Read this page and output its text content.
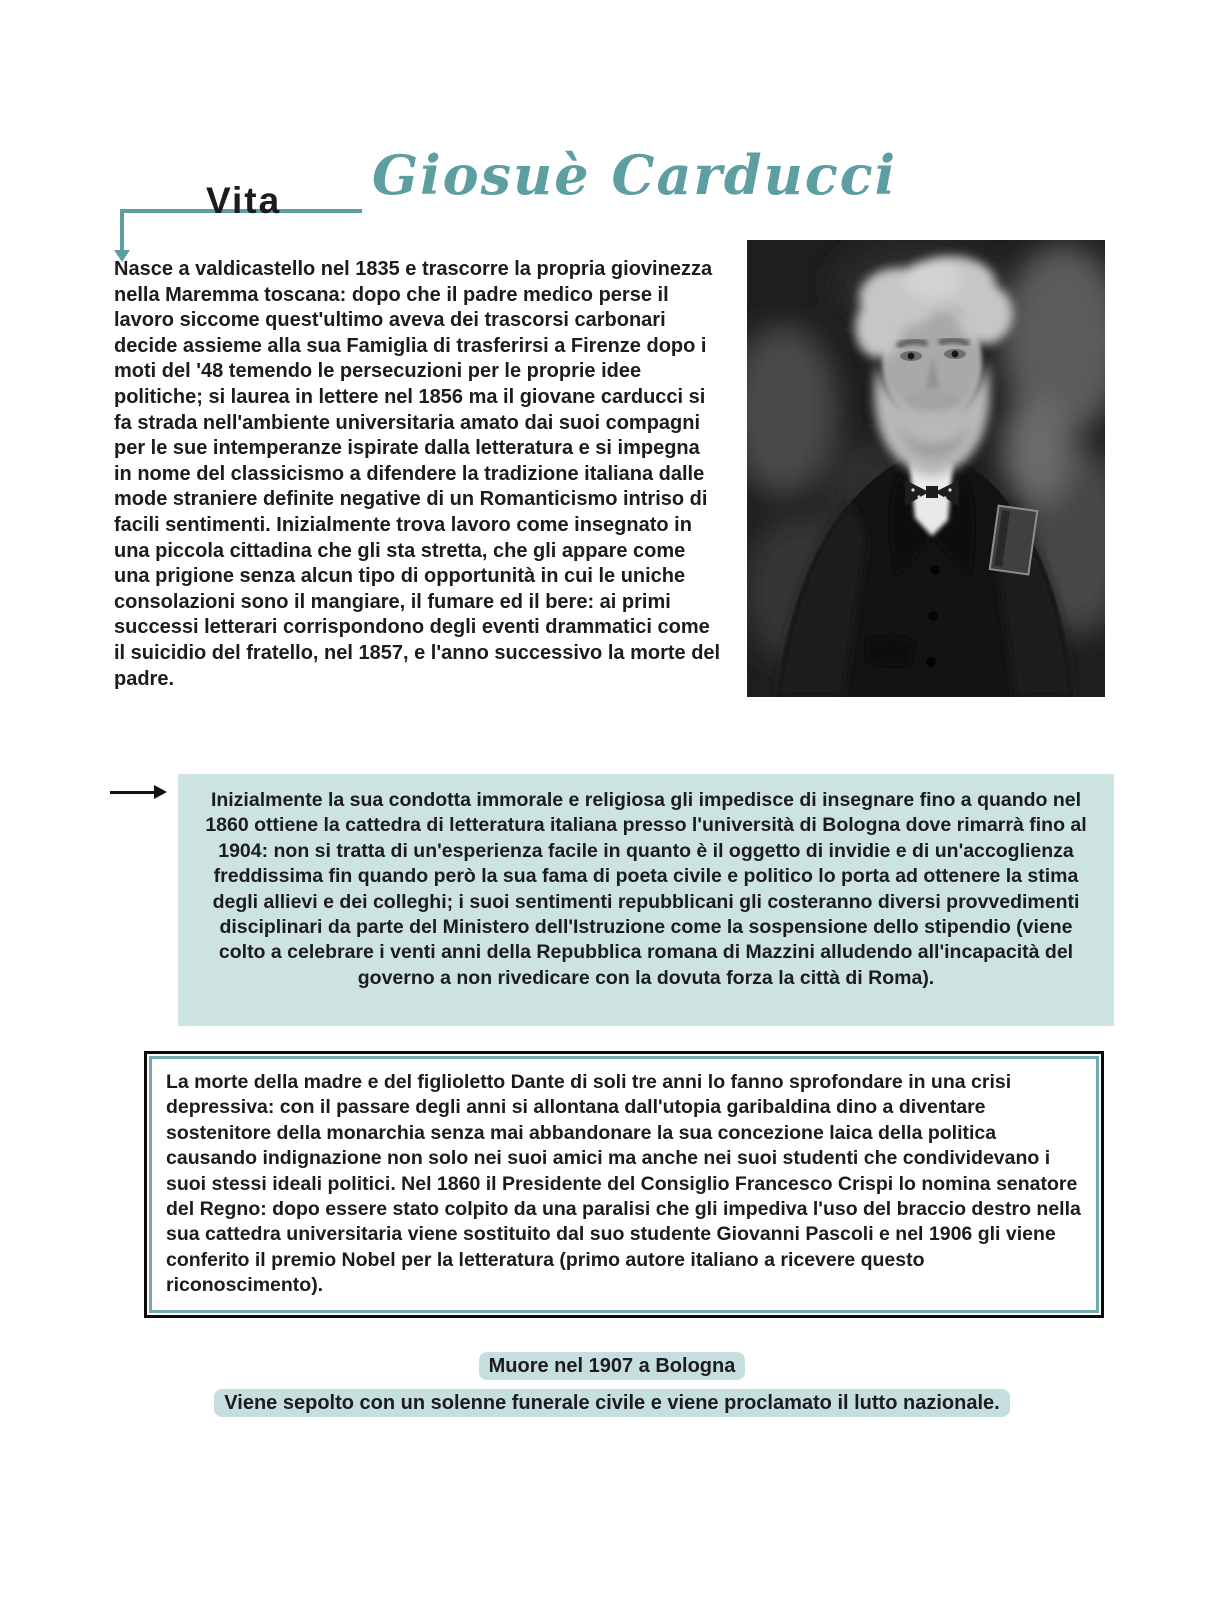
Vita Giosuè Carducci
Nasce a valdicastello nel 1835 e trascorre la propria giovinezza nella Maremma toscana: dopo che il padre medico perse il lavoro siccome quest'ultimo aveva dei trascorsi carbonari decide assieme alla sua Famiglia di trasferirsi a Firenze dopo i moti del '48 temendo le persecuzioni per le proprie idee politiche; si laurea in lettere nel 1856 ma il giovane carducci si fa strada nell'ambiente universitaria amato dai suoi compagni per le sue intemperanze ispirate dalla letteratura e si impegna in nome del classicismo a difendere la tradizione italiana dalle mode straniere definite negative di un Romanticismo intriso di facili sentimenti. Inizialmente trova lavoro come insegnato in una piccola cittadina che gli sta stretta, che gli appare come una prigione senza alcun tipo di opportunità in cui le uniche consolazioni sono il mangiare, il fumare ed il bere: ai primi successi letterari corrispondono degli eventi drammatici come il suicidio del fratello, nel 1857, e l'anno successivo la morte del padre.
Inizialmente la sua condotta immorale e religiosa gli impedisce di insegnare fino a quando nel 1860 ottiene la cattedra di letteratura italiana presso l'università di Bologna dove rimarrà fino al 1904: non si tratta di un'esperienza facile in quanto è il oggetto di invidie e di un'accoglienza freddissima fin quando però la sua fama di poeta civile e politico lo porta ad ottenere la stima degli allievi e dei colleghi; i suoi sentimenti repubblicani gli costeranno diversi provvedimenti disciplinari da parte del Ministero dell'Istruzione come la sospensione dello stipendio (viene colto a celebrare i venti anni della Repubblica romana di Mazzini alludendo all'incapacità del governo a non rivedicare con la dovuta forza la città di Roma).
La morte della madre e del figlioletto Dante di soli tre anni lo fanno sprofondare in una crisi depressiva: con il passare degli anni si allontana dall'utopia garibaldina dino a diventare sostenitore della monarchia senza mai abbandonare la sua concezione laica della politica causando indignazione non solo nei suoi amici ma anche nei suoi studenti che condividevano i suoi stessi ideali politici. Nel 1860 il Presidente del Consiglio Francesco Crispi lo nomina senatore del Regno: dopo essere stato colpito da una paralisi che gli impediva l'uso del braccio destro nella sua cattedra universitaria viene sostituito dal suo studente Giovanni Pascoli e nel 1906 gli viene conferito il premio Nobel per la letteratura (primo autore italiano a ricevere questo riconoscimento).
Muore nel 1907 a Bologna
Viene sepolto con un solenne funerale civile e viene proclamato il lutto nazionale.
